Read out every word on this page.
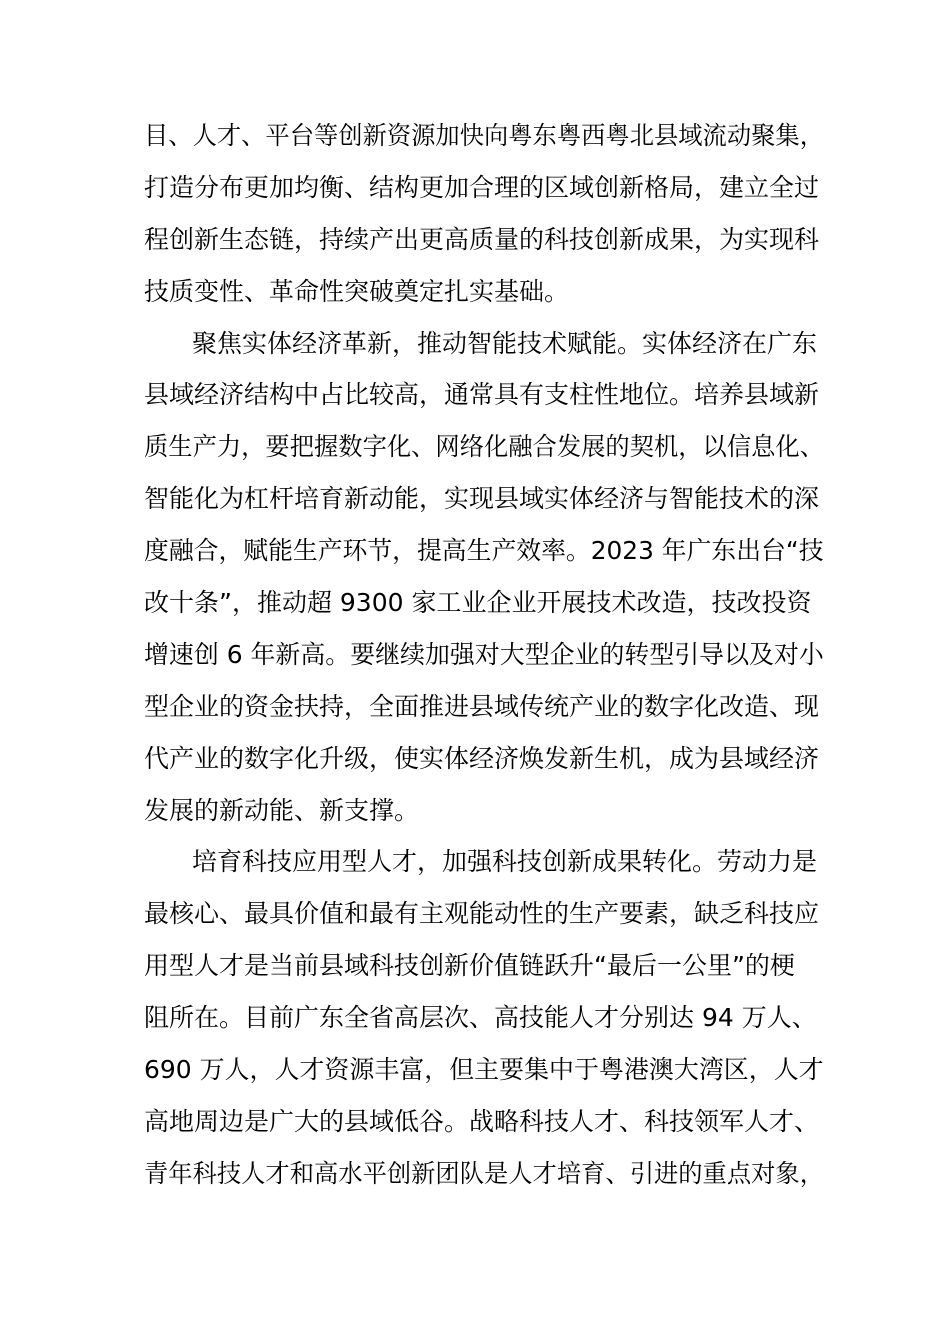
目、人才、平台等创新资源加快向粤东粤西粤北县域流动聚集，
打造分布更加均衡、结构更加合理的区域创新格局，建立全过
程创新生态链，持续产出更高质量的科技创新成果，为实现科
技质变性、革命性突破奠定扎实基础。
聚焦实体经济革新，推动智能技术赋能。实体经济在广东
县域经济结构中占比较高，通常具有支柱性地位。培养县域新
质生产力，要把握数字化、网络化融合发展的契机，以信息化、
智能化为杠杆培育新动能，实现县域实体经济与智能技术的深
度融合，赋能生产环节，提高生产效率。2023 年广东出台“技
改十条”，推动超 9300 家工业企业开展技术改造，技改投资
增速创 6 年新高。要继续加强对大型企业的转型引导以及对小
型企业的资金扶持，全面推进县域传统产业的数字化改造、现
代产业的数字化升级，使实体经济焕发新生机，成为县域经济
发展的新动能、新支撑。
培育科技应用型人才，加强科技创新成果转化。劳动力是
最核心、最具价值和最有主观能动性的生产要素，缺乏科技应
用型人才是当前县域科技创新价值链跃升“最后一公里”的梗
阻所在。目前广东全省高层次、高技能人才分别达 94 万人、
690 万人，人才资源丰富，但主要集中于粤港澳大湾区，人才
高地周边是广大的县域低谷。战略科技人才、科技领军人才、
青年科技人才和高水平创新团队是人才培育、引进的重点对象，
